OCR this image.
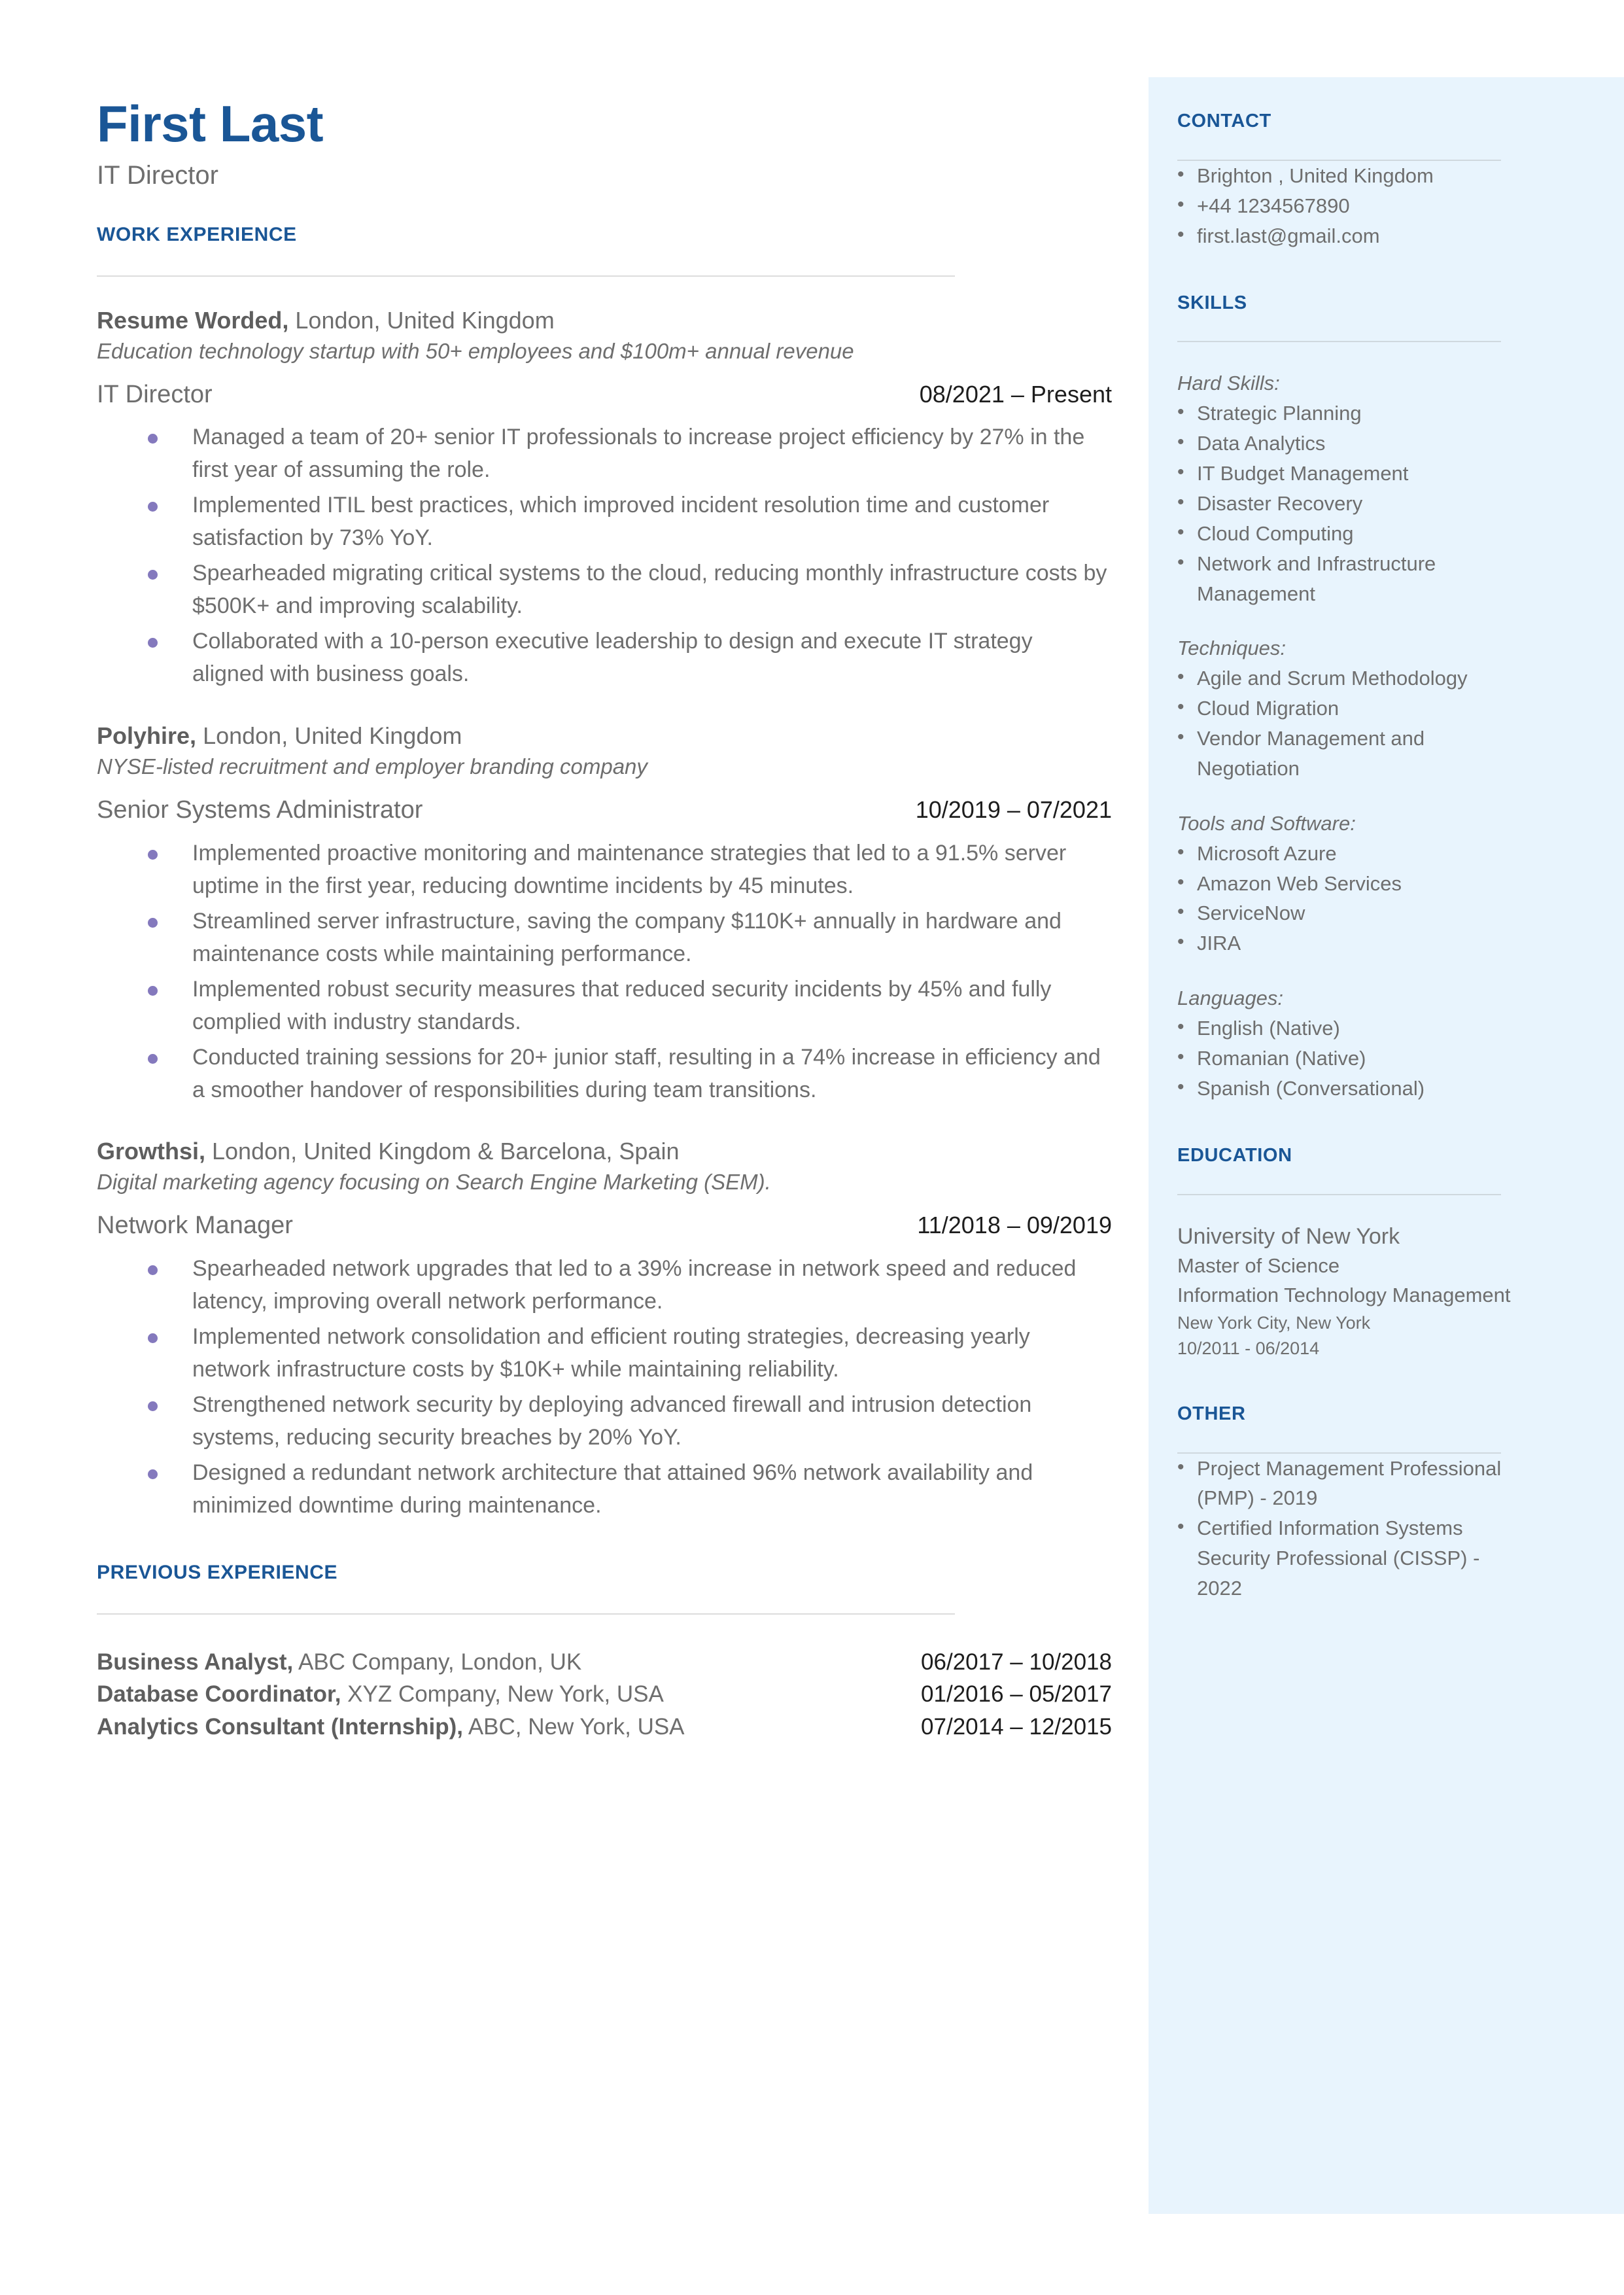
First Last
IT Director
WORK EXPERIENCE

Resume Worded, London, United Kingdom

Education technology startup with 50+ employees and $100m+ annual revenue

IT Director	08/2021 – Present
Managed a team of 20+ senior IT professionals to increase project efficiency by 27% in the first year of assuming the role.
Implemented ITIL best practices, which improved incident resolution time and customer satisfaction by 73% YoY.
Spearheaded migrating critical systems to the cloud, reducing monthly infrastructure costs by $500K+ and improving scalability.
Collaborated with a 10-person executive leadership to design and execute IT strategy aligned with business goals.

Polyhire, London, United Kingdom

NYSE-listed recruitment and employer branding company

Senior Systems Administrator	10/2019 – 07/2021
Implemented proactive monitoring and maintenance strategies that led to a 91.5% server uptime in the first year, reducing downtime incidents by 45 minutes.
Streamlined server infrastructure, saving the company $110K+ annually in hardware and maintenance costs while maintaining performance.
Implemented robust security measures that reduced security incidents by 45% and fully complied with industry standards.
Conducted training sessions for 20+ junior staff, resulting in a 74% increase in efficiency and a smoother handover of responsibilities during team transitions.

Growthsi, London, United Kingdom & Barcelona, Spain

Digital marketing agency focusing on Search Engine Marketing (SEM).

Network Manager	11/2018 – 09/2019
Spearheaded network upgrades that led to a 39% increase in network speed and reduced latency, improving overall network performance.
Implemented network consolidation and efficient routing strategies, decreasing yearly network infrastructure costs by $10K+ while maintaining reliability.
Strengthened network security by deploying advanced firewall and intrusion detection systems, reducing security breaches by 20% YoY.
Designed a redundant network architecture that attained 96% network availability and minimized downtime during maintenance.
PREVIOUS EXPERIENCE
Business Analyst, ABC Company, London, UK	06/2017 – 10/2018
Database Coordinator, XYZ Company, New York, USA	01/2016 – 05/2017
Analytics Consultant (Internship), ABC, New York, USA	07/2014 – 12/2015
CONTACT
• Brighton , United Kingdom
• +44 1234567890
• first.last@gmail.com
SKILLS

Hard Skills:

• Strategic Planning
• Data Analytics
• IT Budget Management
• Disaster Recovery
• Cloud Computing
• Network and Infrastructure Management

Techniques:

• Agile and Scrum Methodology
• Cloud Migration
• Vendor Management and Negotiation

Tools and Software:

• Microsoft Azure
• Amazon Web Services
• ServiceNow
• JIRA

Languages:

• English (Native)
• Romanian (Native)
• Spanish (Conversational)
EDUCATION

University of New York

Master of Science

Information Technology Management

New York City, New York

10/2011 - 06/2014

OTHER
• Project Management Professional (PMP) - 2019
• Certified Information Systems Security Professional (CISSP) - 2022
